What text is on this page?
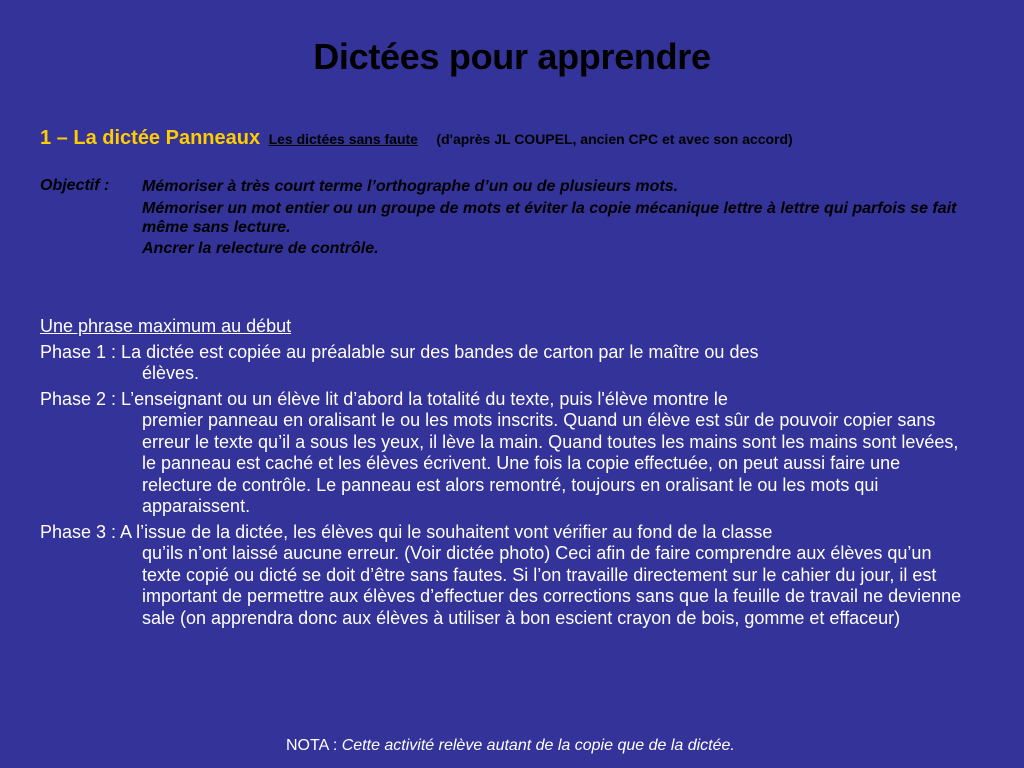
Dictées pour apprendre
1 – La dictée Panneaux Les dictées sans faute (d'après JL COUPEL, ancien CPC et avec son accord)
Objectif :	Mémoriser à très court terme l’orthographe d’un ou de plusieurs mots.
Mémoriser un mot entier ou un groupe de mots et éviter la copie mécanique lettre à lettre qui parfois se fait même sans lecture.
Ancrer la relecture de contrôle.
Une phrase maximum au début
Phase 1 : La dictée est copiée au préalable sur des bandes de carton par le maître ou des
élèves.
Phase 2 : L’enseignant ou un élève lit d’abord la totalité du texte, puis l'élève montre le
premier panneau en oralisant le ou les mots inscrits. Quand un élève est sûr de pouvoir copier sans erreur le texte qu’il a sous les yeux, il lève la main. Quand toutes les mains sont les mains sont levées, le panneau est caché et les élèves écrivent. Une fois la copie effectuée, on peut aussi faire une relecture de contrôle. Le panneau est alors remontré, toujours en oralisant le ou les mots qui apparaissent.
Phase 3 : A l’issue de la dictée, les élèves qui le souhaitent vont vérifier au fond de la classe
qu’ils n’ont laissé aucune erreur. (Voir dictée photo) Ceci afin de faire comprendre aux élèves qu’un texte copié ou dicté se doit d’être sans fautes. Si l’on travaille directement sur le cahier du jour, il est important de permettre aux élèves d’effectuer des corrections sans que la feuille de travail ne devienne sale (on apprendra donc aux élèves à utiliser à bon escient crayon de bois, gomme et effaceur)
NOTA : Cette activité relève autant de la copie que de la dictée.
